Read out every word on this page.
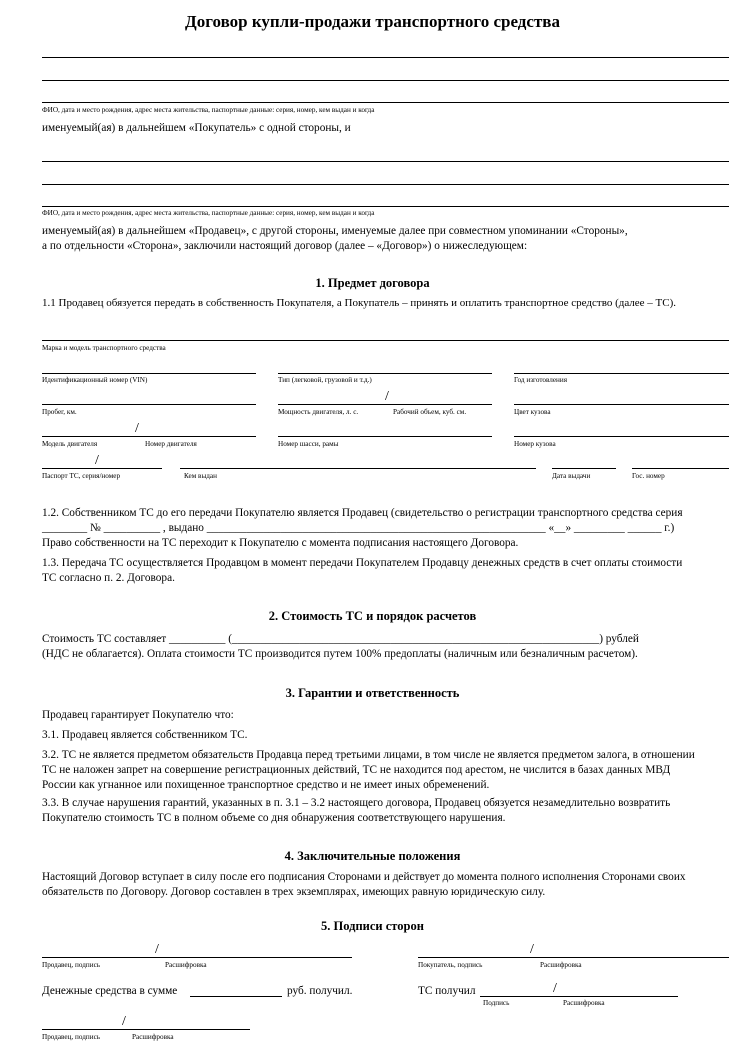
Договор купли-продажи транспортного средства
ФИО, дата и место рождения, адрес места жительства, паспортные данные: серия, номер, кем выдан и когда
именуемый(ая) в дальнейшем «Покупатель» с одной стороны, и
ФИО, дата и место рождения, адрес места жительства, паспортные данные: серия, номер, кем выдан и когда
именуемый(ая) в дальнейшем «Продавец», с другой стороны, именуемые далее при совместном упоминании «Стороны»,
а по отдельности «Сторона», заключили настоящий договор (далее – «Договор») о нижеследующем:
1. Предмет договора
1.1 Продавец обязуется передать в собственность Покупателя, а Покупатель – принять и оплатить транспортное средство (далее – ТС).
Марка и модель транспортного средства
Идентификационный номер (VIN)	Тип (легковой, грузовой и т.д.)	Год изготовления
/
Пробег, км.	Мощность двигателя, л. с.	Рабочий объем, куб. см.	Цвет кузова
/
Модель двигателя	Номер двигателя	Номер шасси, рамы	Номер кузова
/
Паспорт ТС, серия/номер	Кем выдан	Дата выдачи	Гос. номер
1.2. Собственником ТС до его передачи Покупателю является Продавец (свидетельство о регистрации транспортного средства серия
________ № __________ , выдано ____________________________________________________________ «__» _________ ______ г.)
Право собственности на ТС переходит к Покупателю с момента подписания настоящего Договора.
1.3. Передача ТС осуществляется Продавцом в момент передачи Покупателем Продавцу денежных средств в счет оплаты стоимости
ТС согласно п. 2. Договора.
2. Стоимость ТС и порядок расчетов
Стоимость ТС составляет __________ (_________________________________________________________________) рублей
(НДС не облагается). Оплата стоимости ТС производится путем 100% предоплаты (наличным или безналичным расчетом).
3. Гарантии и ответственность
Продавец гарантирует Покупателю что:
3.1. Продавец является собственником ТС.
3.2. ТС не является предметом обязательств Продавца перед третьими лицами, в том числе не является предметом залога, в отношении
ТС не наложен запрет на совершение регистрационных действий, ТС не находится под арестом, не числится в базах данных МВД
России как угнанное или похищенное транспортное средство и не имеет иных обременений.
3.3. В случае нарушения гарантий, указанных в п. 3.1 – 3.2 настоящего договора, Продавец обязуется незамедлительно возвратить
Покупателю стоимость ТС в полном объеме со дня обнаружения соответствующего нарушения.
4. Заключительные положения
Настоящий Договор вступает в силу после его подписания Сторонами и действует до момента полного исполнения Сторонами своих
обязательств по Договору. Договор составлен в трех экземплярах, имеющих равную юридическую силу.
5. Подписи сторон
/
Продавец, подпись	Расшифровка
/
Покупатель, подпись	Расшифровка
Денежные средства в сумме	руб. получил.	ТС получил	/
Подпись	Расшифровка
/
Продавец, подпись	Расшифровка
